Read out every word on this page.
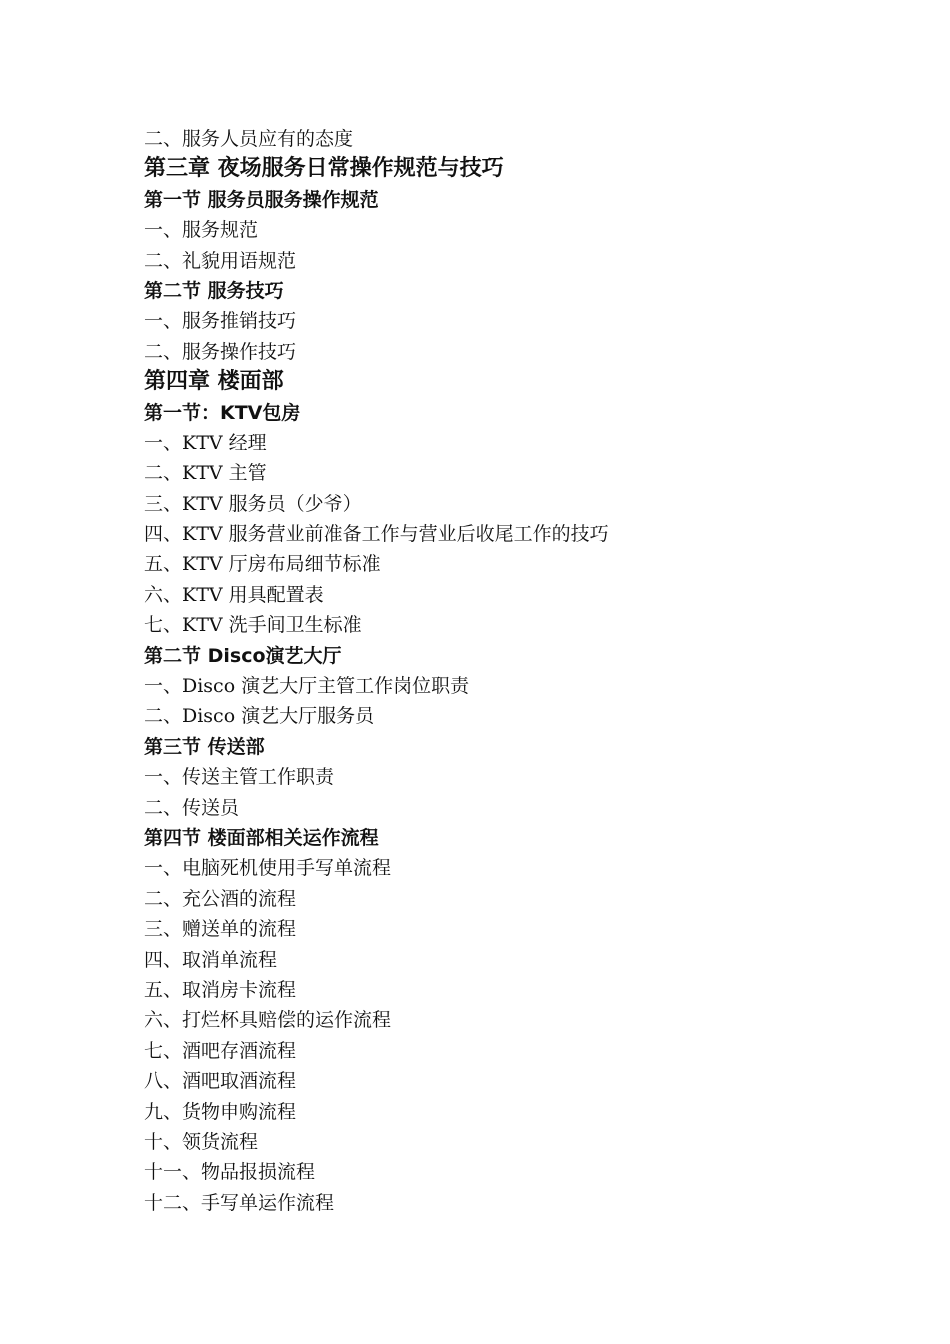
二、服务人员应有的态度
第三章 夜场服务日常操作规范与技巧
第一节 服务员服务操作规范
一、服务规范
二、礼貌用语规范
第二节 服务技巧
一、服务推销技巧
二、服务操作技巧
第四章 楼面部
第一节：KTV包房
一、KTV 经理
二、KTV 主管
三、KTV 服务员（少爷）
四、KTV 服务营业前准备工作与营业后收尾工作的技巧
五、KTV 厅房布局细节标准
六、KTV 用具配置表
七、KTV 洗手间卫生标准
第二节 Disco演艺大厅
一、Disco 演艺大厅主管工作岗位职责
二、Disco 演艺大厅服务员
第三节 传送部
一、传送主管工作职责
二、传送员
第四节 楼面部相关运作流程
一、电脑死机使用手写单流程
二、充公酒的流程
三、赠送单的流程
四、取消单流程
五、取消房卡流程
六、打烂杯具赔偿的运作流程
七、酒吧存酒流程
八、酒吧取酒流程
九、货物申购流程
十、领货流程
十一、物品报损流程
十二、手写单运作流程
